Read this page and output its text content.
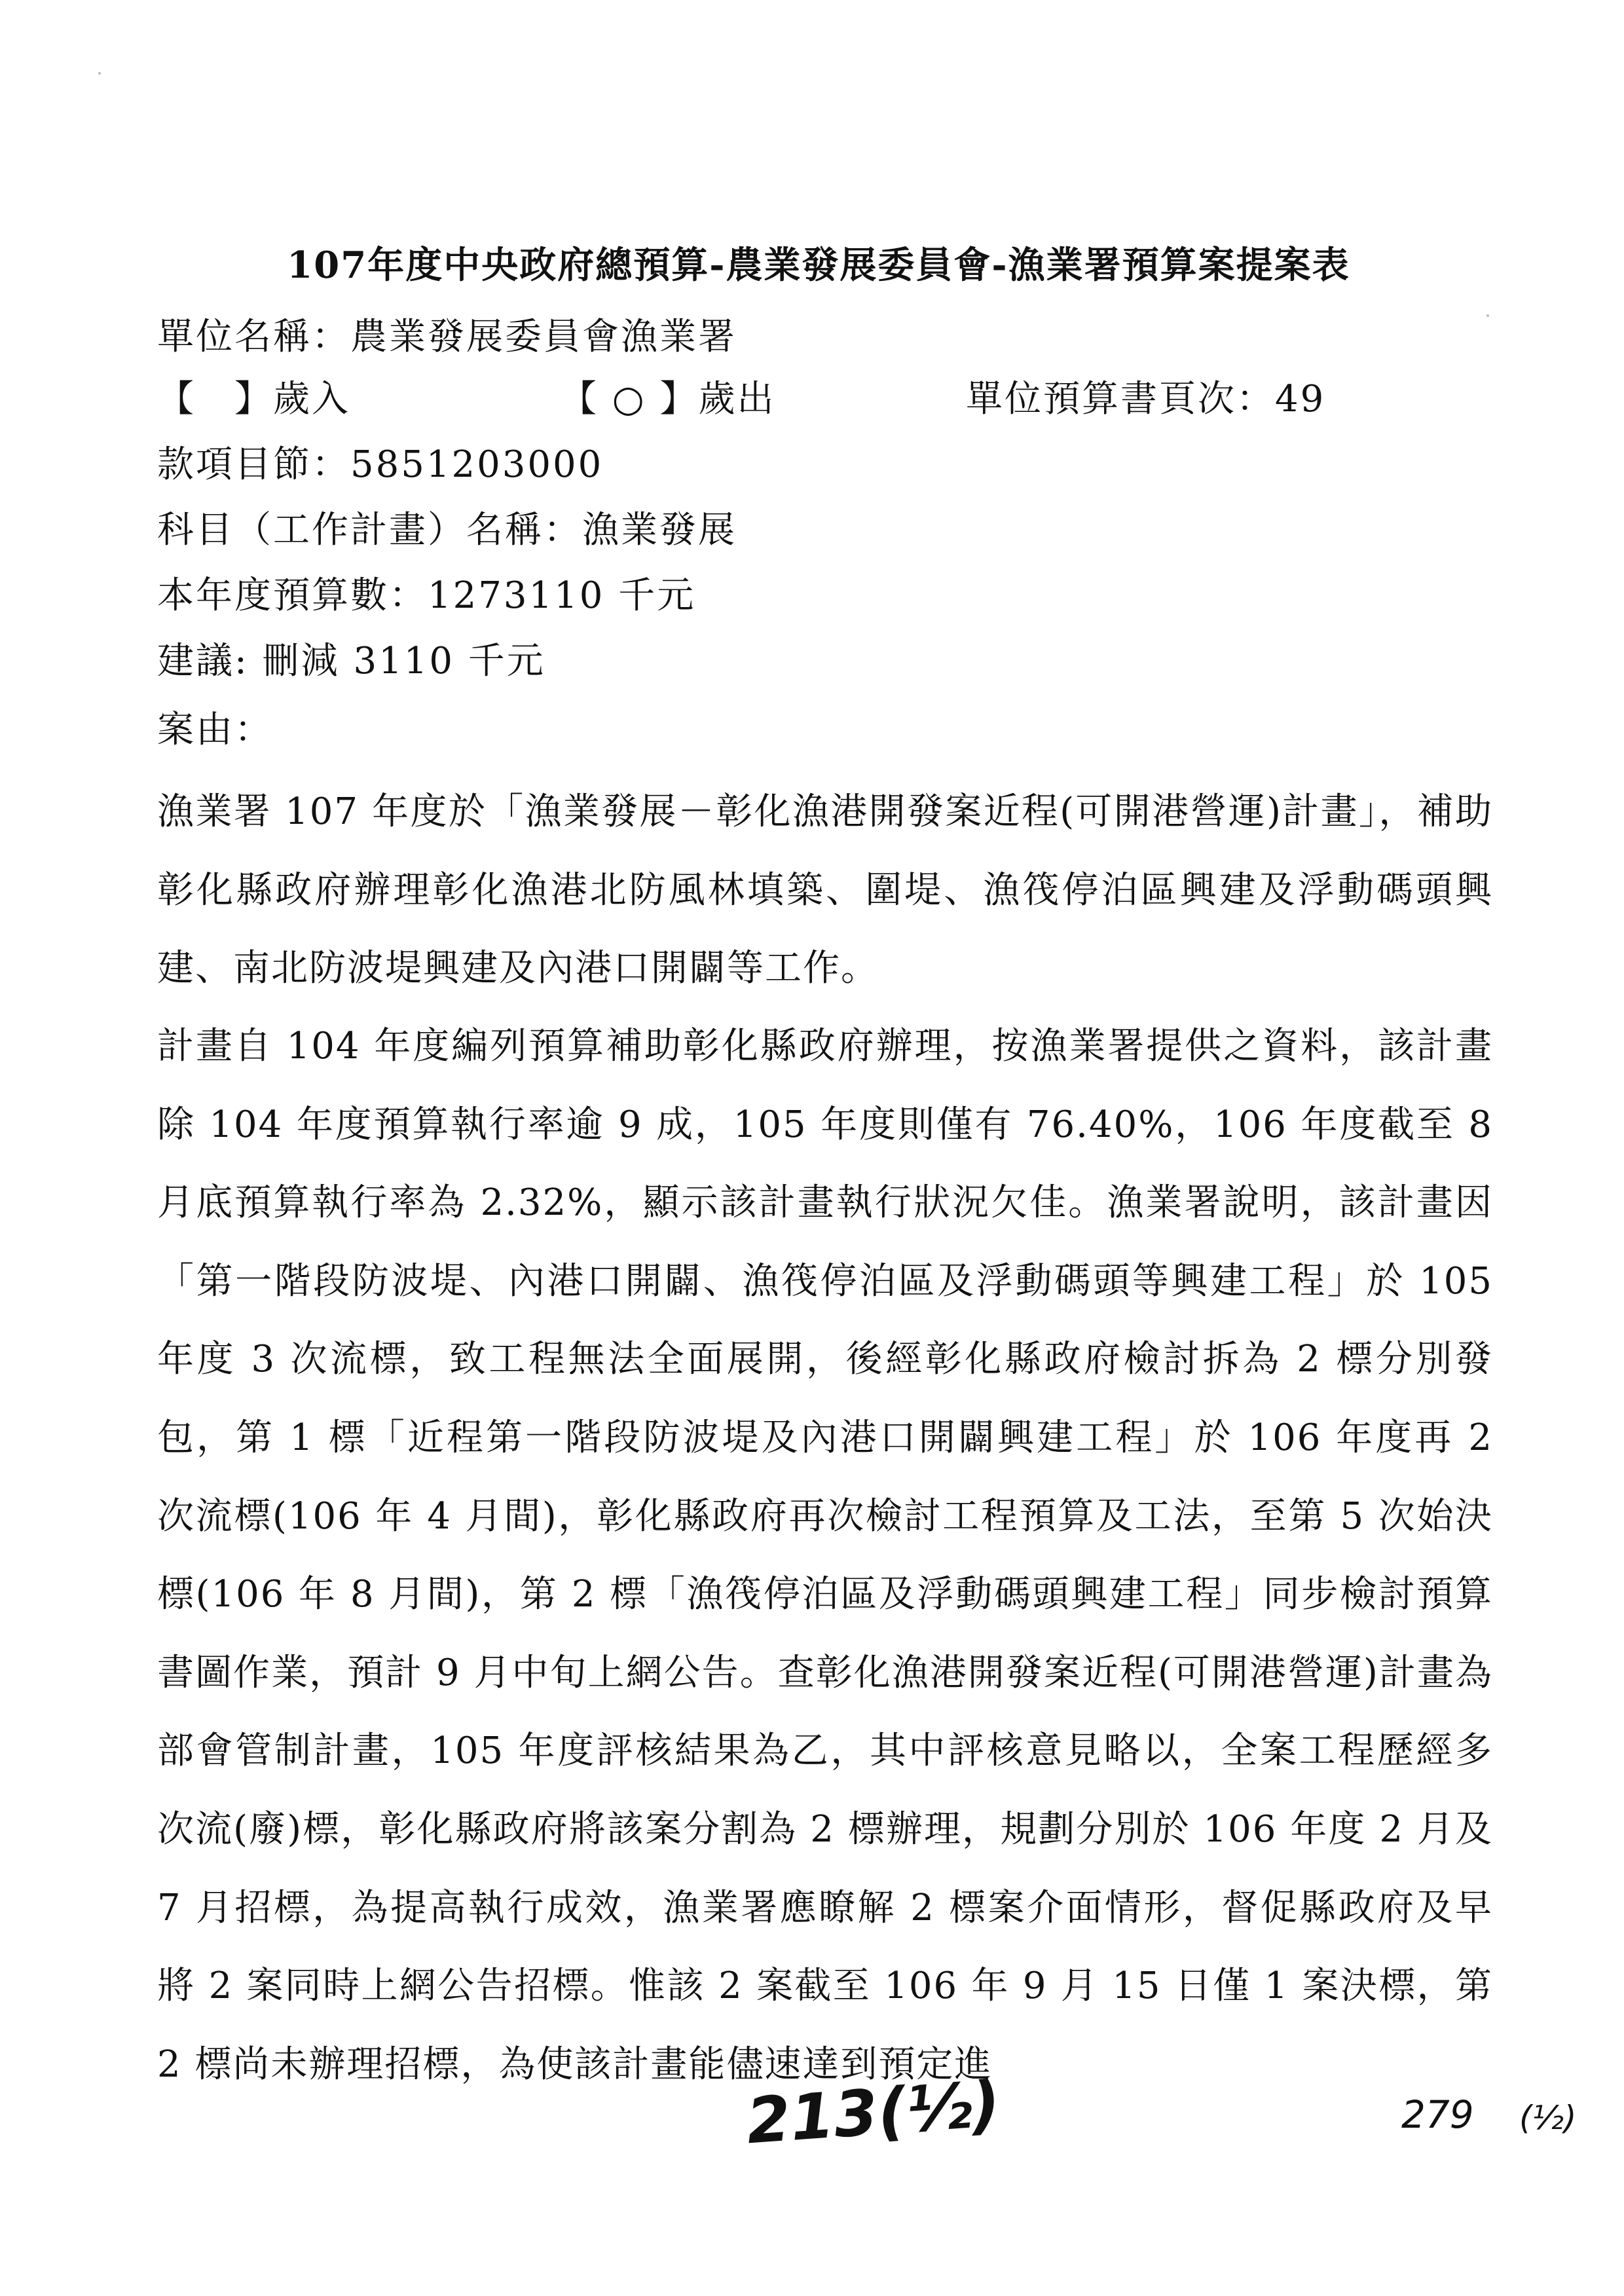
107年度中央政府總預算-農業發展委員會-漁業署預算案提案表
單位名稱：農業發展委員會漁業署
【　】歲入	【 ○ 】歲出	單位預算書頁次：49
款項目節：5851203000
科目（工作計畫）名稱：漁業發展
本年度預算數：1273110 千元
建議: 刪減 3110 千元
案由：

漁業署 107 年度於「漁業發展－彰化漁港開發案近程(可開港營運)計畫」，補助彰化縣政府辦理彰化漁港北防風林填築、圍堤、漁筏停泊區興建及浮動碼頭興建、南北防波堤興建及內港口開闢等工作。

計畫自 104 年度編列預算補助彰化縣政府辦理，按漁業署提供之資料，該計畫除 104 年度預算執行率逾 9 成，105 年度則僅有 76.40%，106 年度截至 8 月底預算執行率為 2.32%，顯示該計畫執行狀況欠佳。漁業署說明，該計畫因「第一階段防波堤、內港口開闢、漁筏停泊區及浮動碼頭等興建工程」於 105 年度 3 次流標，致工程無法全面展開，後經彰化縣政府檢討拆為 2 標分別發包，第 1 標「近程第一階段防波堤及內港口開闢興建工程」於 106 年度再 2 次流標(106 年 4 月間)，彰化縣政府再次檢討工程預算及工法，至第 5 次始決標(106 年 8 月間)，第 2 標「漁筏停泊區及浮動碼頭興建工程」同步檢討預算書圖作業，預計 9 月中旬上網公告。查彰化漁港開發案近程(可開港營運)計畫為部會管制計畫，105 年度評核結果為乙，其中評核意見略以，全案工程歷經多次流(廢)標，彰化縣政府將該案分割為 2 標辦理，規劃分別於 106 年度 2 月及 7 月招標，為提高執行成效，漁業署應瞭解 2 標案介面情形，督促縣政府及早將 2 案同時上網公告招標。惟該 2 案截至 106 年 9 月 15 日僅 1 案決標，第 2 標尚未辦理招標，為使該計畫能儘速達到預定進

213(½)	279 (½)
